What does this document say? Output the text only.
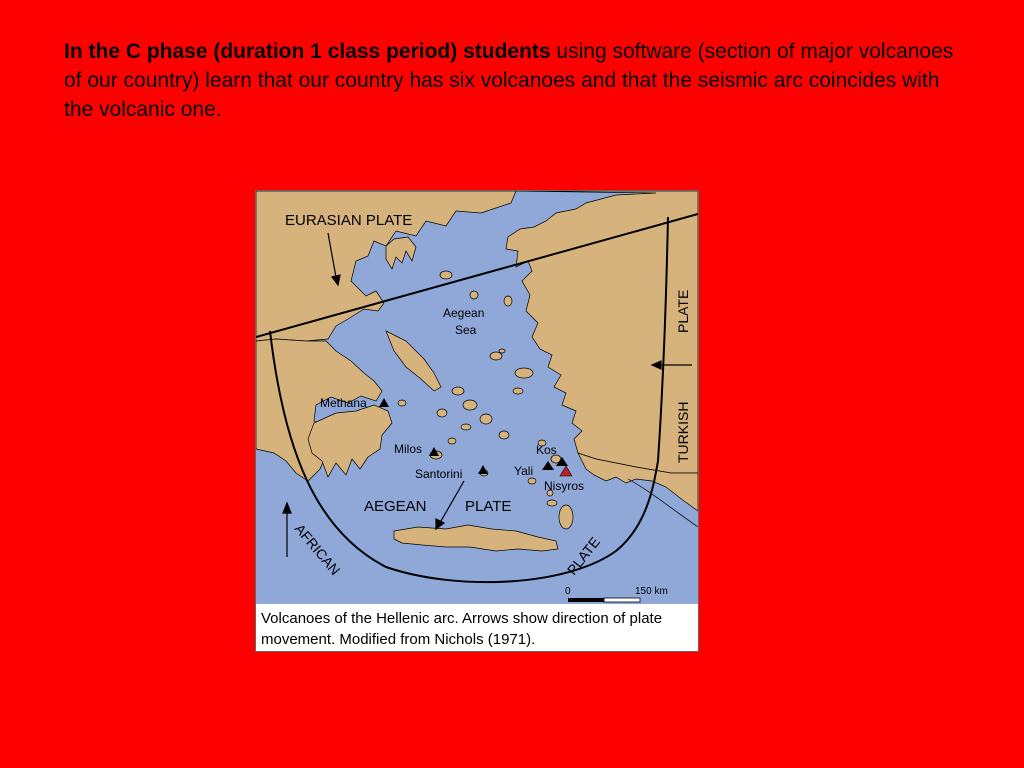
In the C phase (duration 1 class period) students using software (section of major volcanoes of our country) learn that our country has six volcanoes and that the seismic arc coincides with the volcanic one.

EURASIAN PLATE
Aegean
Sea
Methana
Milos
Santorini
Kos
Yali
Nisyros
AEGEAN	PLATE
AFRICAN	PLATE
TURKISH
PLATE
0	150 km
Volcanoes of the Hellenic arc. Arrows show direction of plate movement. Modified from Nichols (1971).
